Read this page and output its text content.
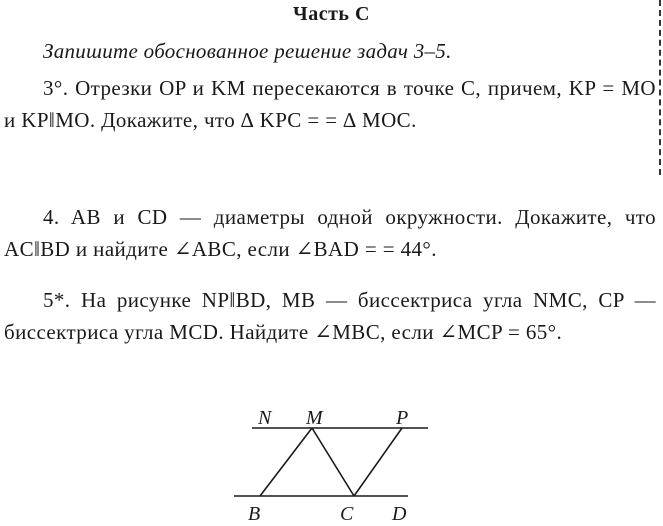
Часть C
Запишите обоснованное решение задач 3–5.
3°. Отрезки OP и KM пересекаются в точке C, причем, KP = MO и KP‖MO. Докажите, что ∆ KPC = = ∆ MOC.
4. AB и CD — диаметры одной окружности. Докажите, что AC‖BD и найдите ∠ABC, если ∠BAD = = 44°.
5*. На рисунке NP‖BD, MB — биссектриса угла NMC, CP — биссектриса угла MCD. Найдите ∠MBC, если ∠MCP = 65°.
N M	P
B	C D
